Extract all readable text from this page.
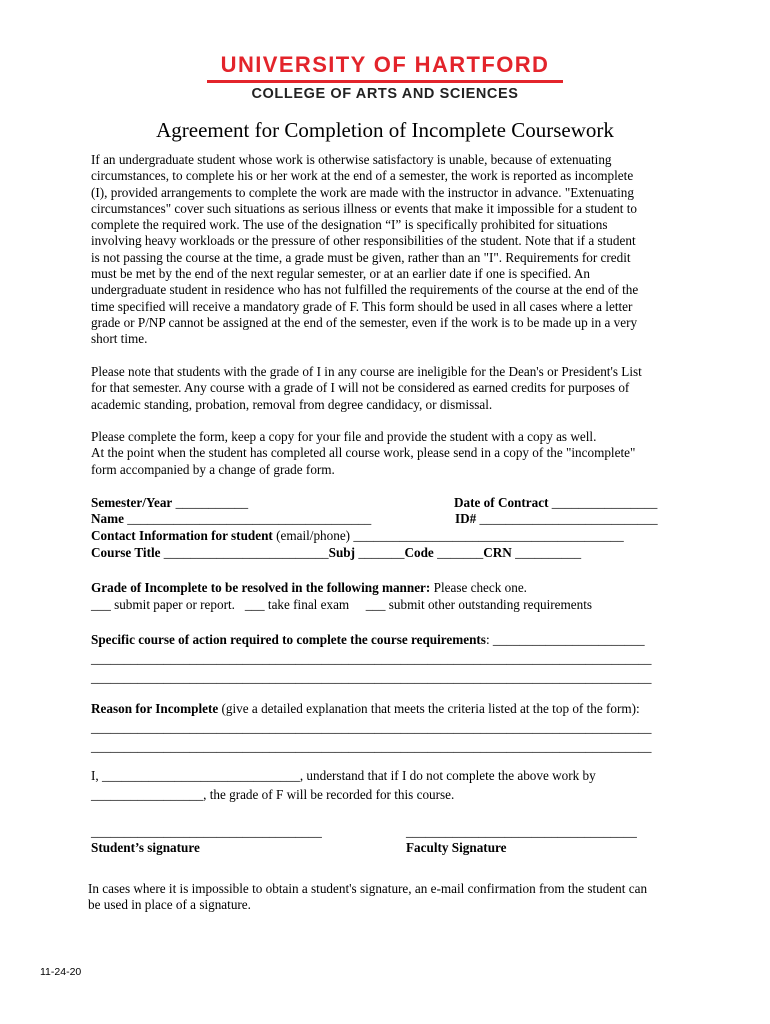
UNIVERSITY OF HARTFORD
COLLEGE OF ARTS AND SCIENCES
Agreement for Completion of Incomplete Coursework
If an undergraduate student whose work is otherwise satisfactory is unable, because of extenuating
circumstances, to complete his or her work at the end of a semester, the work is reported as incomplete
(I), provided arrangements to complete the work are made with the instructor in advance. "Extenuating
circumstances" cover such situations as serious illness or events that make it impossible for a student to
complete the required work. The use of the designation “I” is specifically prohibited for situations
involving heavy workloads or the pressure of other responsibilities of the student. Note that if a student
is not passing the course at the time, a grade must be given, rather than an "I". Requirements for credit
must be met by the end of the next regular semester, or at an earlier date if one is specified. An
undergraduate student in residence who has not fulfilled the requirements of the course at the end of the
time specified will receive a mandatory grade of F. This form should be used in all cases where a letter
grade or P/NP cannot be assigned at the end of the semester, even if the work is to be made up in a very
short time.
Please note that students with the grade of I in any course are ineligible for the Dean's or President's List
for that semester. Any course with a grade of I will not be considered as earned credits for purposes of
academic standing, probation, removal from degree candidacy, or dismissal.
Please complete the form, keep a copy for your file and provide the student with a copy as well.
At the point when the student has completed all course work, please send in a copy of the "incomplete"
form accompanied by a change of grade form.
Semester/Year ___________	Date of Contract ________________
Name _____________________________________	ID# ___________________________
Contact Information for student (email/phone) _________________________________________
Course Title _________________________Subj _______Code _______CRN __________
Grade of Incomplete to be resolved in the following manner: Please check one.
___ submit paper or report. ___ take final exam ___ submit other outstanding requirements
Specific course of action required to complete the course requirements: _______________________
_____________________________________________________________________________________
_____________________________________________________________________________________
Reason for Incomplete (give a detailed explanation that meets the criteria listed at the top of the form):
_____________________________________________________________________________________
_____________________________________________________________________________________
I, ______________________________, understand that if I do not complete the above work by
_________________, the grade of F will be recorded for this course.
___________________________________	___________________________________
Student’s signature	Faculty Signature
In cases where it is impossible to obtain a student's signature, an e-mail confirmation from the student can
be used in place of a signature.
11-24-20
